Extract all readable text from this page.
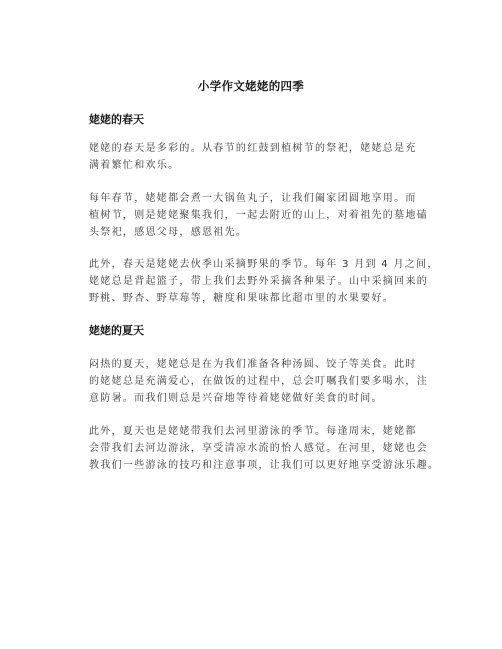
小学作文姥姥的四季
姥姥的春天
姥姥的春天是多彩的。从春节的红鼓到植树节的祭祀，姥姥总是充
满着繁忙和欢乐。
每年春节，姥姥都会煮一大锅鱼丸子，让我们阖家团圆地享用。而
植树节，则是姥姥聚集我们，一起去附近的山上，对着祖先的墓地磕
头祭祀，感恩父母，感恩祖先。
此外，春天是姥姥去伙季山采摘野果的季节。每年 3 月到 4 月之间，
姥姥总是背起篮子，带上我们去野外采摘各种果子。山中采摘回来的
野桃、野杏、野草莓等，糖度和果味都比超市里的水果要好。
姥姥的夏天
闷热的夏天，姥姥总是在为我们准备各种汤圆、饺子等美食。此时
的姥姥总是充满爱心，在做饭的过程中，总会叮嘱我们要多喝水，注
意防暑。而我们则总是兴奋地等待着姥姥做好美食的时间。
此外，夏天也是姥姥带我们去河里游泳的季节。每逢周末，姥姥都
会带我们去河边游泳，享受清凉水流的怡人感觉。在河里，姥姥也会
教我们一些游泳的技巧和注意事项，让我们可以更好地享受游泳乐趣。
